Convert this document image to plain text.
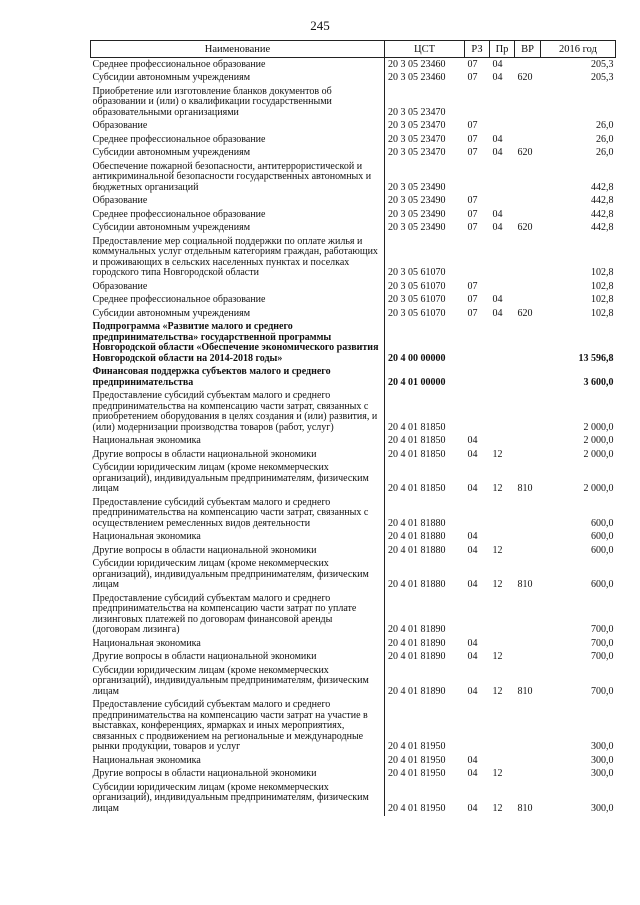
245
Наименование	ЦСТ	РЗ	Пр	ВР	2016 год
Среднее профессиональное образование	20 3 05 23460	07	04		205,3
Субсидии автономным учреждениям	20 3 05 23460	07	04	620	205,3
Приобретение или изготовление бланков документов об образовании и (или) о квалификации государственными образовательными организациями	20 3 05 23470				
Образование	20 3 05 23470	07			26,0
Среднее профессиональное образование	20 3 05 23470	07	04		26,0
Субсидии автономным учреждениям	20 3 05 23470	07	04	620	26,0
Обеспечение пожарной безопасности, антитеррористической и антикриминальной безопасности государственных автономных и бюджетных организаций	20 3 05 23490				442,8
Образование	20 3 05 23490	07			442,8
Среднее профессиональное образование	20 3 05 23490	07	04		442,8
Субсидии автономным учреждениям	20 3 05 23490	07	04	620	442,8
Предоставление мер социальной поддержки по оплате жилья и коммунальных услуг отдельным категориям граждан, работающих и проживающих в сельских населенных пунктах и поселках городского типа Новгородской области	20 3 05 61070				102,8
Образование	20 3 05 61070	07			102,8
Среднее профессиональное образование	20 3 05 61070	07	04		102,8
Субсидии автономным учреждениям	20 3 05 61070	07	04	620	102,8
Подпрограмма «Развитие малого и среднего предпринимательства» государственной программы Новгородской области «Обеспечение экономического развития Новгородской области на 2014-2018 годы»	20 4 00 00000				13 596,8
Финансовая поддержка субъектов малого и среднего предпринимательства	20 4 01 00000				3 600,0
Предоставление субсидий субъектам малого и среднего предпринимательства на компенсацию части затрат, связанных с приобретением оборудования в целях создания и (или) развития, и (или) модернизации производства товаров (работ, услуг)	20 4 01 81850				2 000,0
Национальная экономика	20 4 01 81850	04			2 000,0
Другие вопросы в области национальной экономики	20 4 01 81850	04	12		2 000,0
Субсидии юридическим лицам (кроме некоммерческих организаций), индивидуальным предпринимателям, физическим лицам	20 4 01 81850	04	12	810	2 000,0
Предоставление субсидий субъектам малого и среднего предпринимательства на компенсацию части затрат, связанных с осуществлением ремесленных видов деятельности	20 4 01 81880				600,0
Национальная экономика	20 4 01 81880	04			600,0
Другие вопросы в области национальной экономики	20 4 01 81880	04	12		600,0
Субсидии юридическим лицам (кроме некоммерческих организаций), индивидуальным предпринимателям, физическим лицам	20 4 01 81880	04	12	810	600,0
Предоставление субсидий субъектам малого и среднего предпринимательства на компенсацию части затрат по уплате лизинговых платежей по договорам финансовой аренды (договорам лизинга)	20 4 01 81890				700,0
Национальная экономика	20 4 01 81890	04			700,0
Другие вопросы в области национальной экономики	20 4 01 81890	04	12		700,0
Субсидии юридическим лицам (кроме некоммерческих организаций), индивидуальным предпринимателям, физическим лицам	20 4 01 81890	04	12	810	700,0
Предоставление субсидий субъектам малого и среднего предпринимательства на компенсацию части затрат на участие в выставках, конференциях, ярмарках и иных мероприятиях, связанных с продвижением на региональные и международные рынки продукции, товаров и услуг	20 4 01 81950				300,0
Национальная экономика	20 4 01 81950	04			300,0
Другие вопросы в области национальной экономики	20 4 01 81950	04	12		300,0
Субсидии юридическим лицам (кроме некоммерческих организаций), индивидуальным предпринимателям, физическим лицам	20 4 01 81950	04	12	810	300,0
